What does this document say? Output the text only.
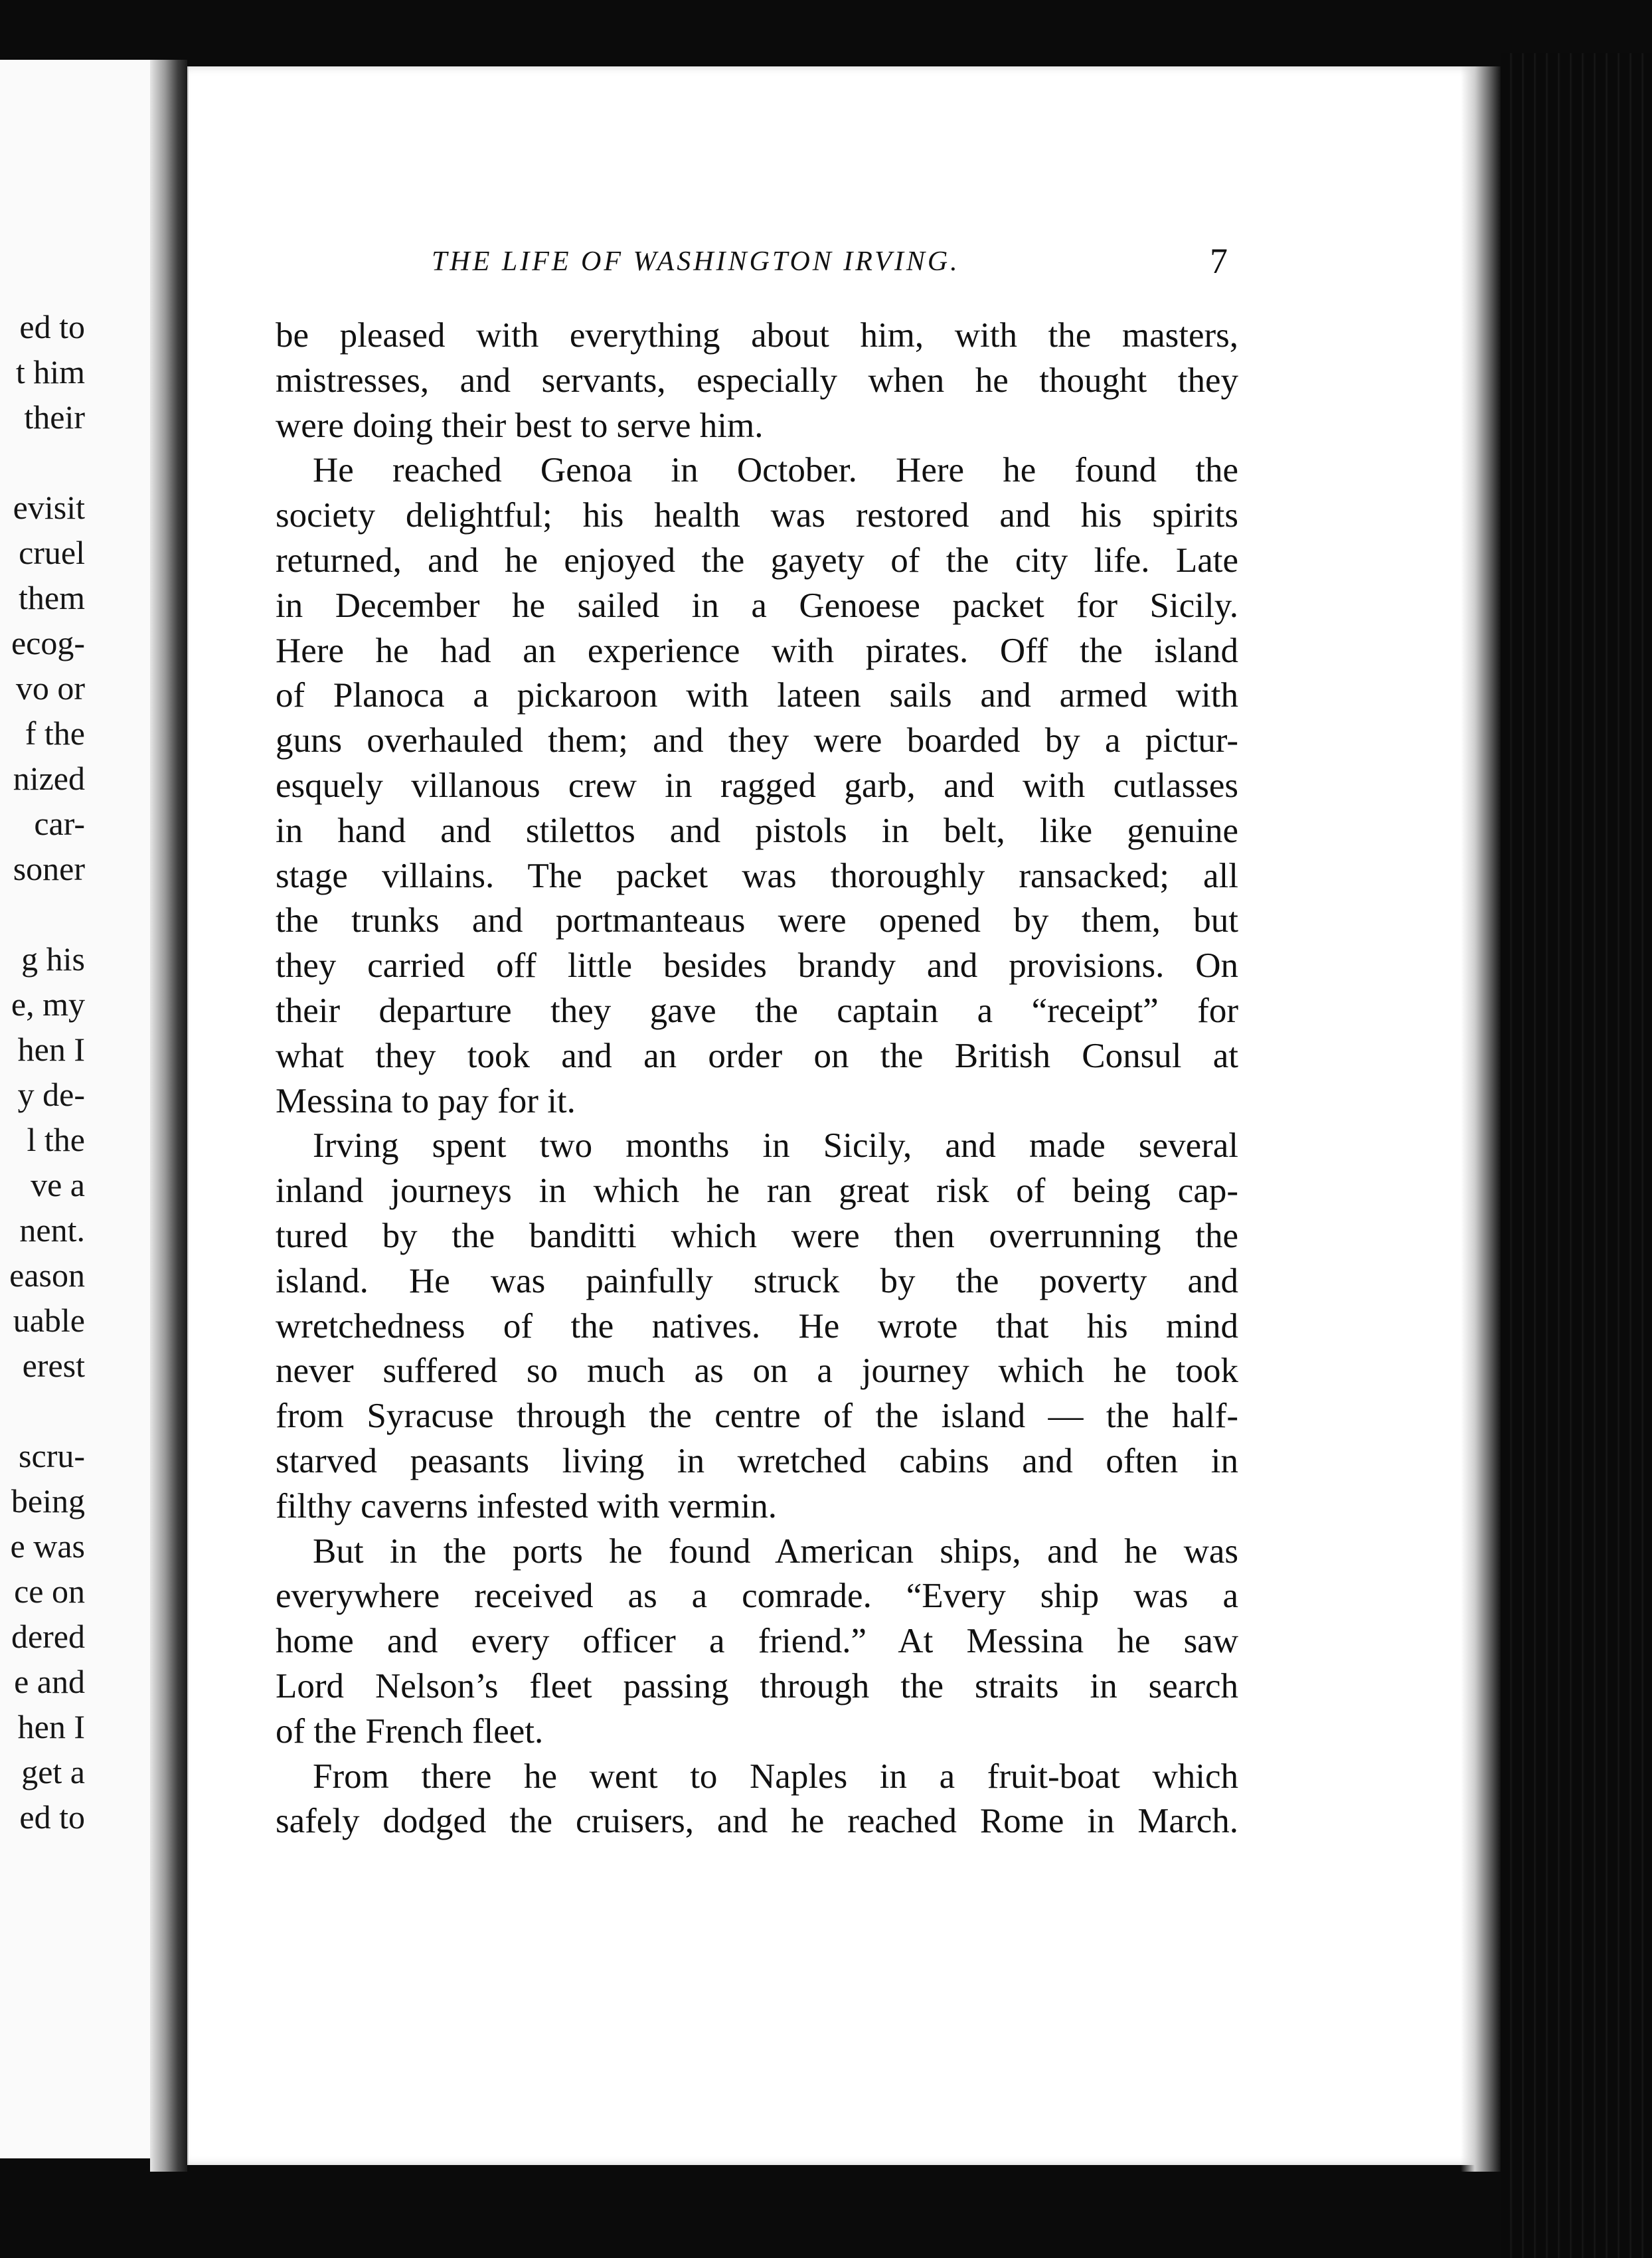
ed to
t him
their
evisit
cruel
them
ecog-
vo or
f the
nized
car-
soner
g his
e, my
hen I
y de-
l the
ve a
nent.
eason
uable
erest
scru-
being
e was
ce on
dered
e and
hen I
get a
ed to
THE LIFE OF WASHINGTON IRVING.	7
be pleased with everything about him, with the masters,
mistresses, and servants, especially when he thought they
were doing their best to serve him.
He reached Genoa in October. Here he found the
society delightful; his health was restored and his spirits
returned, and he enjoyed the gayety of the city life. Late
in December he sailed in a Genoese packet for Sicily.
Here he had an experience with pirates. Off the island
of Planoca a pickaroon with lateen sails and armed with
guns overhauled them; and they were boarded by a pictur-
esquely villanous crew in ragged garb, and with cutlasses
in hand and stilettos and pistols in belt, like genuine
stage villains. The packet was thoroughly ransacked; all
the trunks and portmanteaus were opened by them, but
they carried off little besides brandy and provisions. On
their departure they gave the captain a “receipt” for
what they took and an order on the British Consul at
Messina to pay for it.
Irving spent two months in Sicily, and made several
inland journeys in which he ran great risk of being cap-
tured by the banditti which were then overrunning the
island. He was painfully struck by the poverty and
wretchedness of the natives. He wrote that his mind
never suffered so much as on a journey which he took
from Syracuse through the centre of the island — the half-
starved peasants living in wretched cabins and often in
filthy caverns infested with vermin.
But in the ports he found American ships, and he was
everywhere received as a comrade. “Every ship was a
home and every officer a friend.” At Messina he saw
Lord Nelson’s fleet passing through the straits in search
of the French fleet.
From there he went to Naples in a fruit-boat which
safely dodged the cruisers, and he reached Rome in March.
